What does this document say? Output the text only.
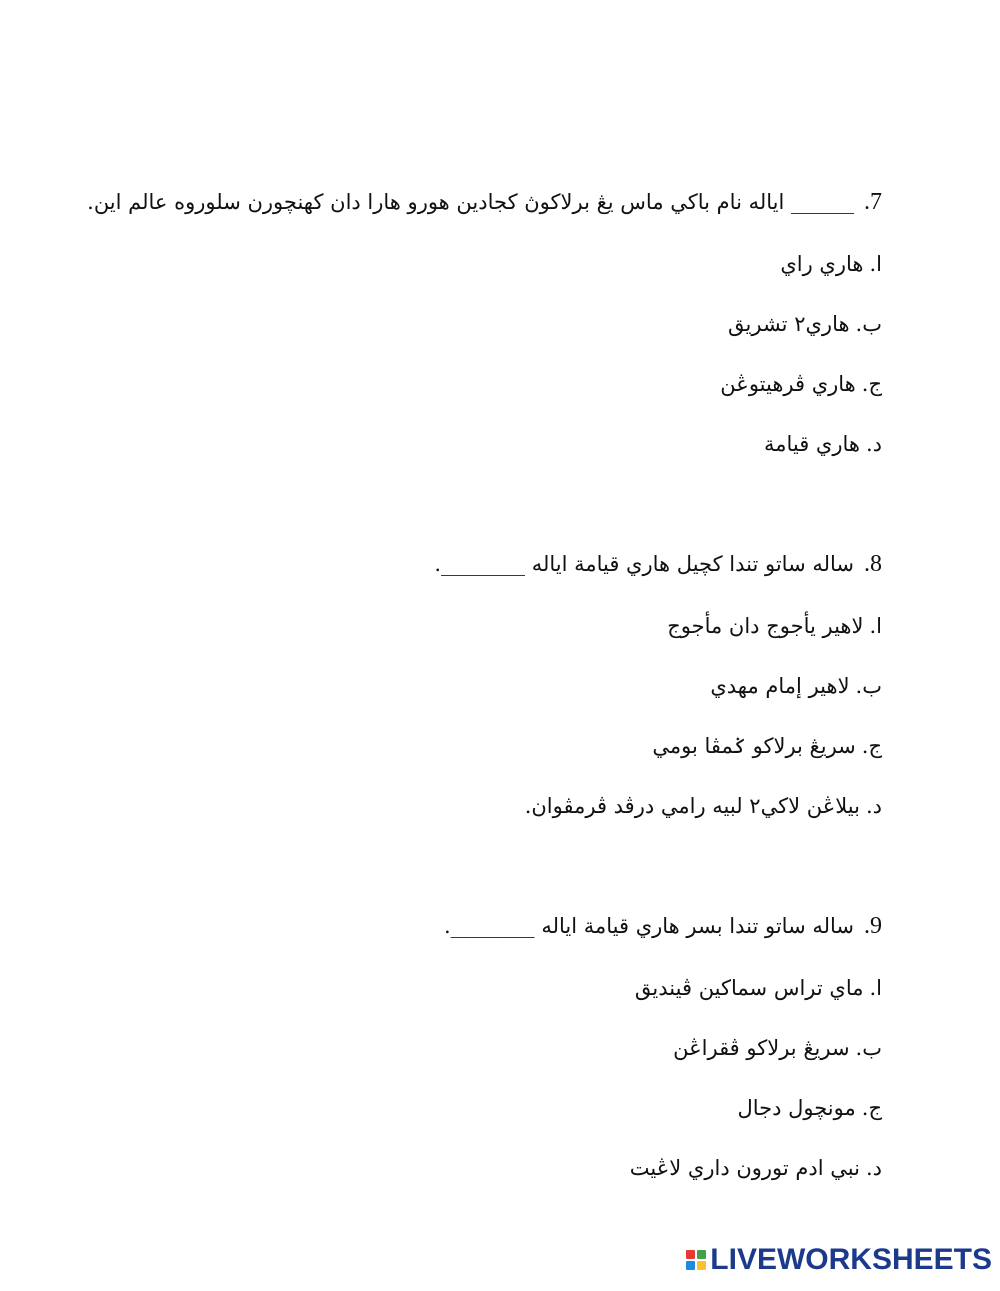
7.______ اياله نام باکي ماس يڠ برلاکوڽ کجادين هورو هارا دان کهنچورن سلوروه عالم اين.
ا.هاري راي
ب.هاري٢ تشريق
ج.هاري ڤرهيتوڠن
د.هاري قيامة
8.ساله ساتو تندا کچيل هاري قيامة اياله ________.
ا.لاهير يأجوج دان مأجوج
ب.لاهير إمام مهدي
ج.سريڠ برلاکو ݢمڤا بومي
د.بيلاڠن لاکي٢ لبيه رامي درڤد ڤرمڤوان.
9.ساله ساتو تندا بسر هاري قيامة اياله ________.
ا.ماي تراس سماکين ڤينديق
ب.سريڠ برلاکو ڤقراڠن
ج.مونچول دجال
د.نبي ادم تورون داري لاڠيت
LIVEWORKSHEETS
